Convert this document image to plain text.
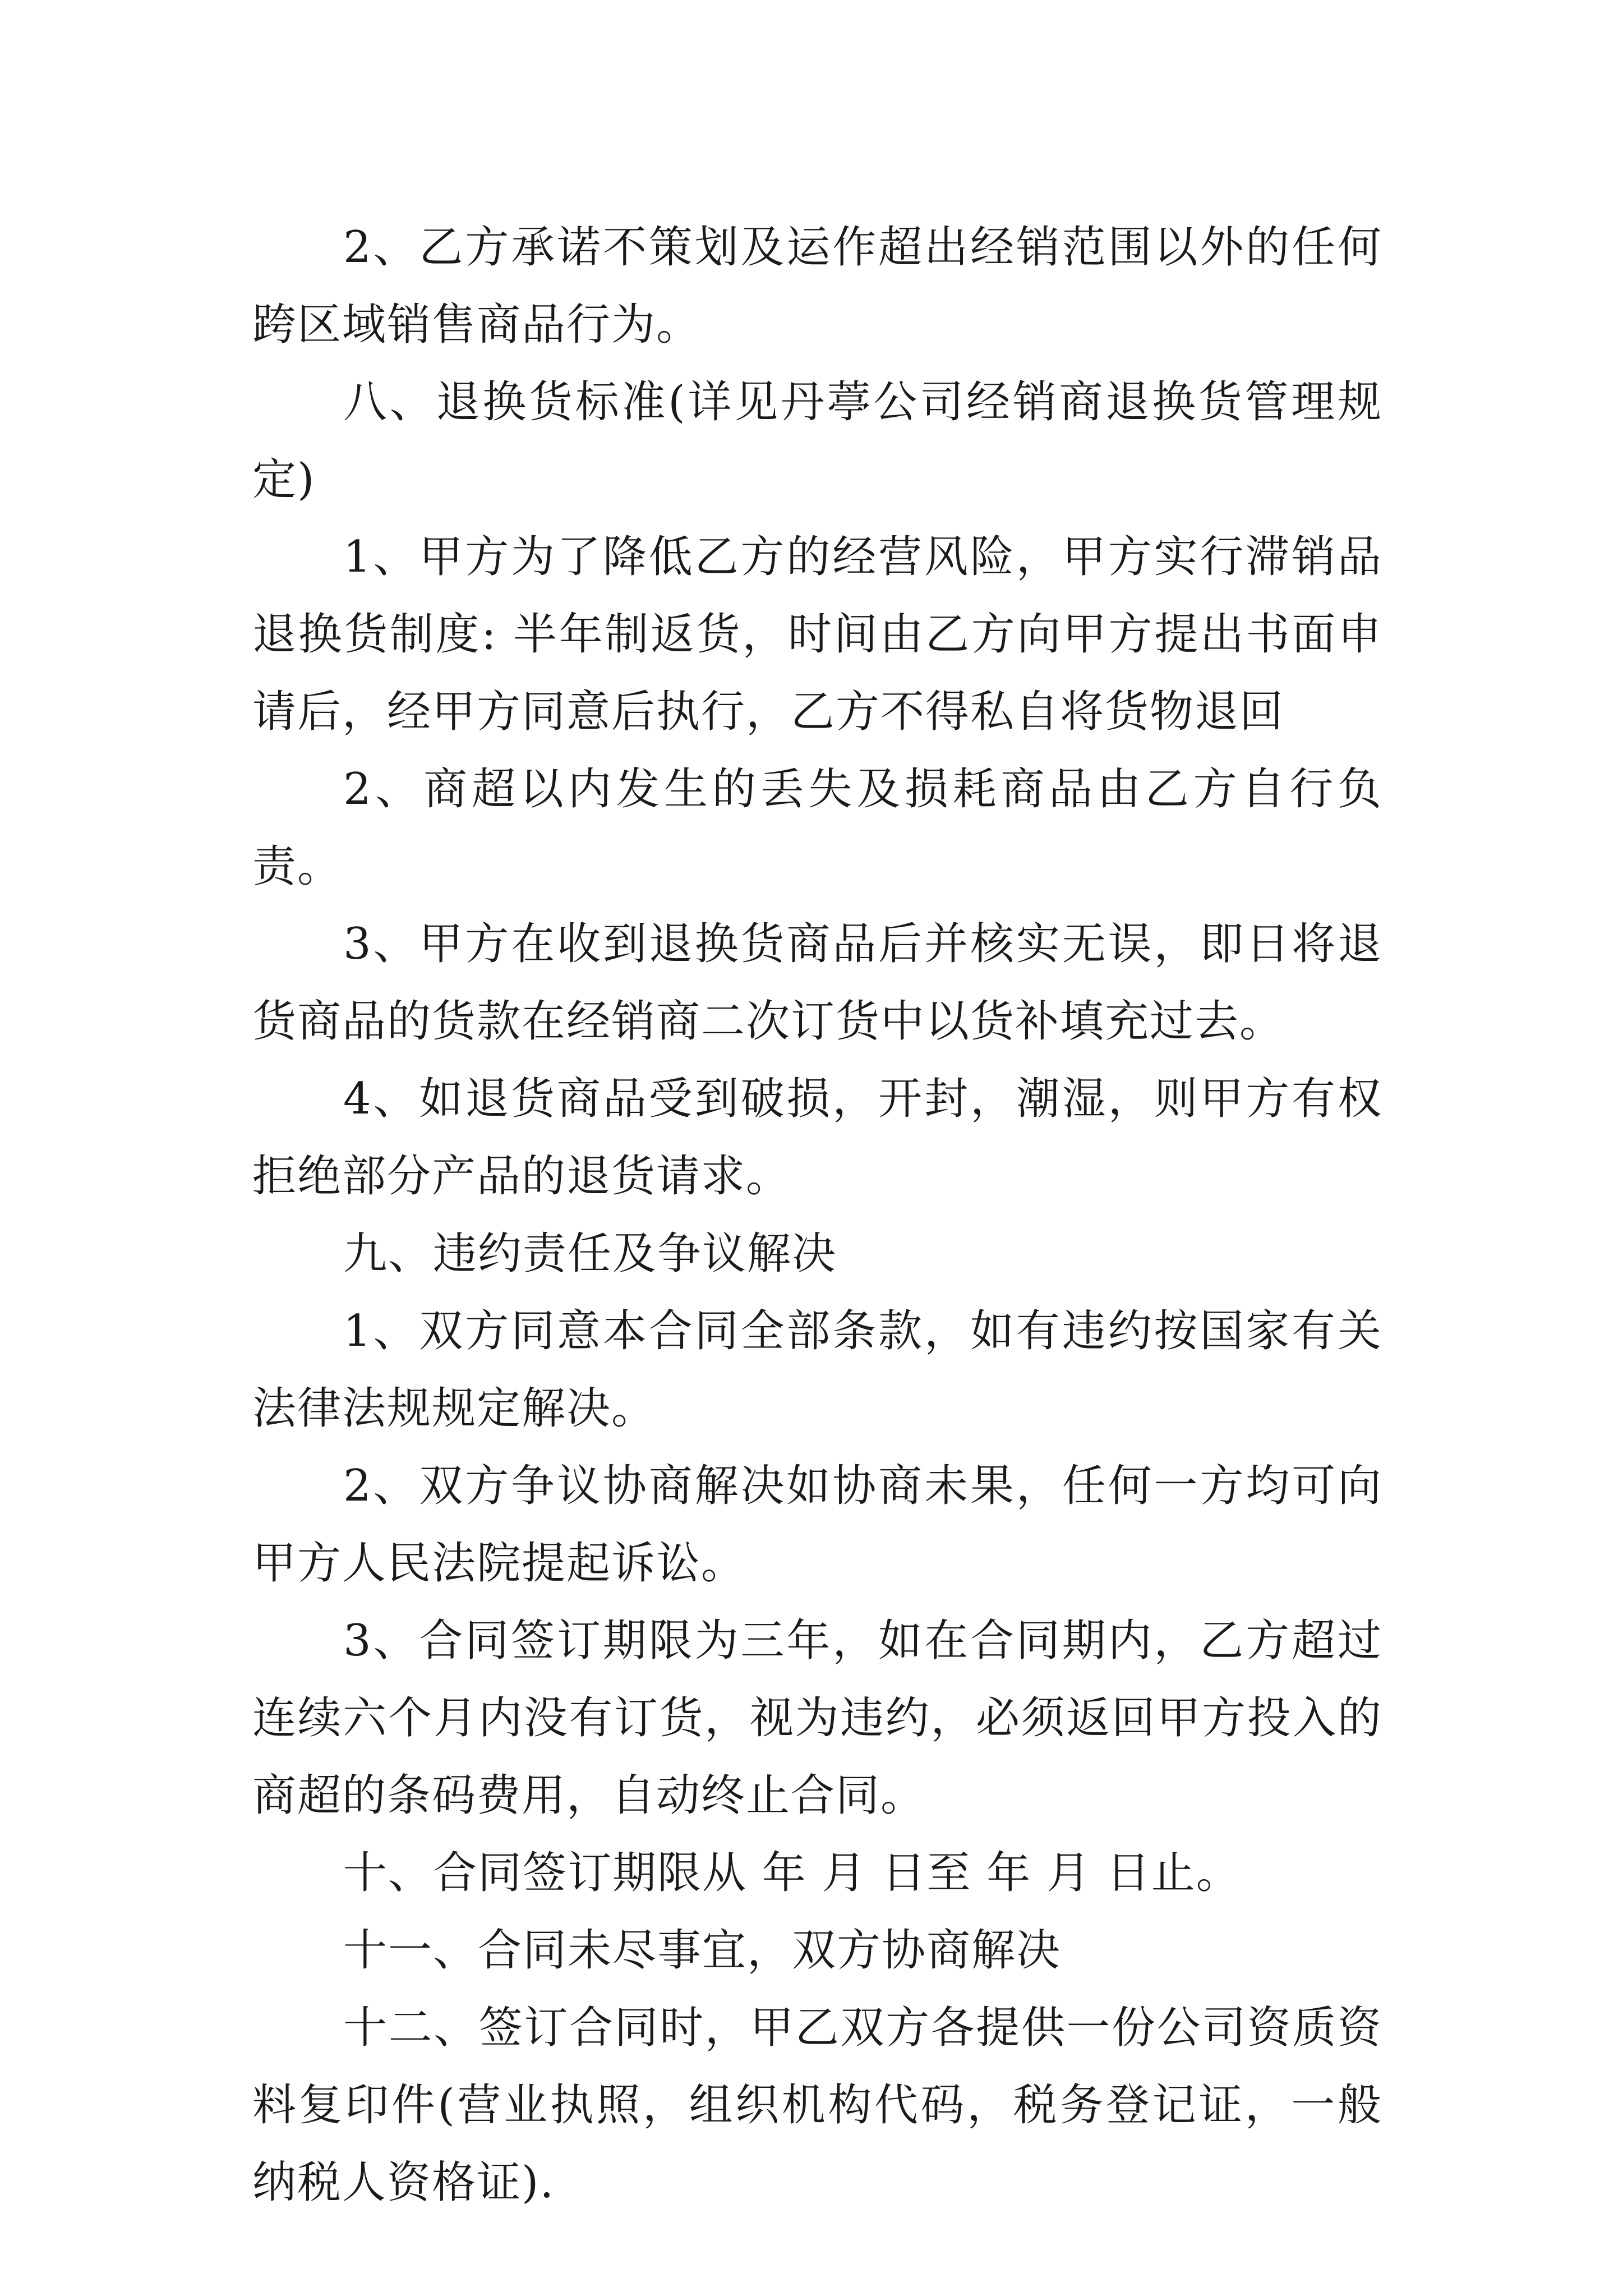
2、乙方承诺不策划及运作超出经销范围以外的任何跨区域销售商品行为。

八、退换货标准(详见丹葶公司经销商退换货管理规定)

1、甲方为了降低乙方的经营风险，甲方实行滞销品退换货制度: 半年制返货，时间由乙方向甲方提出书面申请后，经甲方同意后执行，乙方不得私自将货物退回

2、商超以内发生的丢失及损耗商品由乙方自行负责。

3、甲方在收到退换货商品后并核实无误，即日将退货商品的货款在经销商二次订货中以货补填充过去。

4、如退货商品受到破损，开封，潮湿，则甲方有权拒绝部分产品的退货请求。

九、违约责任及争议解决

1、双方同意本合同全部条款，如有违约按国家有关法律法规规定解决。

2、双方争议协商解决如协商未果，任何一方均可向甲方人民法院提起诉讼。

3、合同签订期限为三年，如在合同期内，乙方超过连续六个月内没有订货，视为违约，必须返回甲方投入的商超的条码费用，自动终止合同。

十、合同签订期限从 年 月 日至 年 月 日止。

十一、合同未尽事宜，双方协商解决

十二、签订合同时，甲乙双方各提供一份公司资质资料复印件(营业执照，组织机构代码，税务登记证，一般纳税人资格证).
